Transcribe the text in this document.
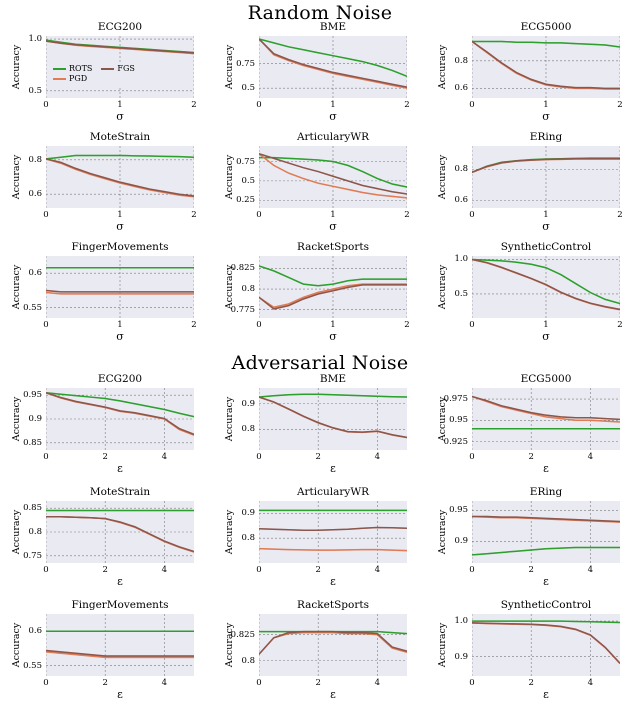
Random Noise
ECG200
Accuracy
σ
0.5
1.0
0	1	2
ROTS	FGS
PGD
BME
Accuracy
σ
0.5
0.75
0	1	2
ECG5000
Accuracy
σ
0.6
0.8
0	1	2
MoteStrain
Accuracy
σ
0.6
0.8
0	1	2
ArticularyWR
Accuracy
σ
0.25
0.5
0.75
0	1	2
ERing
Accuracy
σ
0.6
0.8
0	1	2
FingerMovements
Accuracy
σ
0.55
0.6
0	1	2
RacketSports
Accuracy
σ
0.775
0.8
0.825
0	1	2
SyntheticControl
Accuracy
σ
0.5
1.0
0	1	2
Adversarial Noise
ECG200
Accuracy
ε
0.85
0.9
0.95
0	2	4
BME
Accuracy
ε
0.8
0.9
0	2	4
ECG5000
Accuracy
ε
0.925
0.95
0.975
0	2	4
MoteStrain
Accuracy
ε
0.75
0.8
0.85
0	2	4
ArticularyWR
Accuracy
ε
0.8
0.9
0	2	4
ERing
Accuracy
ε
0.9
0.95
0	2	4
FingerMovements
Accuracy
ε
0.55
0.6
0	2	4
RacketSports
Accuracy
ε
0.8
0.825
0	2	4
SyntheticControl
Accuracy
ε
0.9
1.0
0	2	4
